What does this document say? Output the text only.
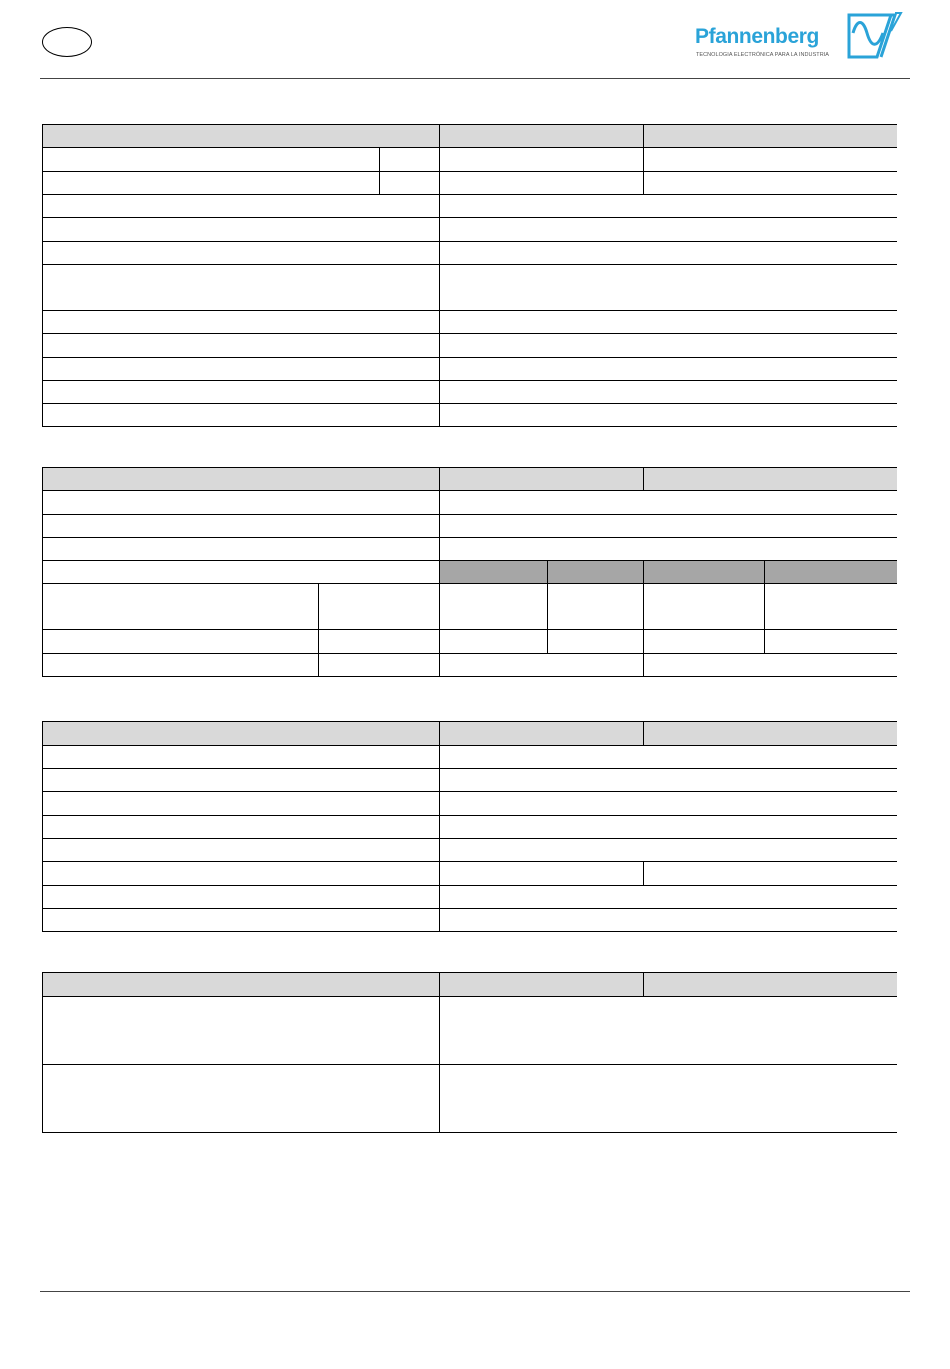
Pfannenberg
TECNOLOGIA ELECTRÓNICA PARA LA INDUSTRIA
